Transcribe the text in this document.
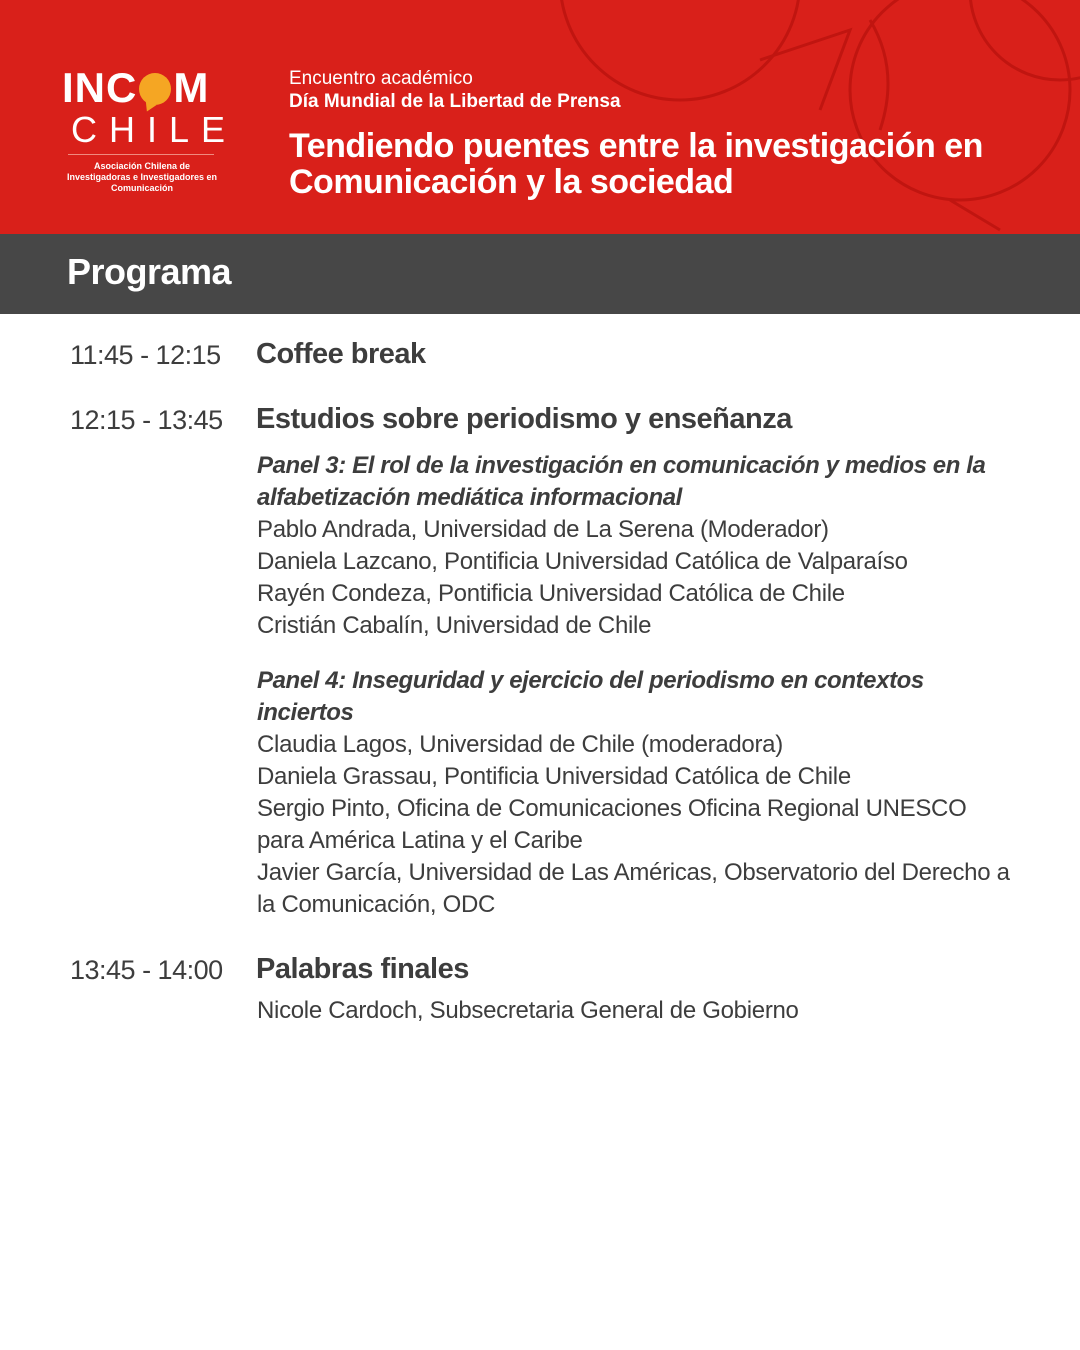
INC M
CHILE
Asociación Chilena de Investigadoras e Investigadores en Comunicación
Encuentro académico
Día Mundial de la Libertad de Prensa
Tendiendo puentes entre la investigación en Comunicación y la sociedad
Programa
11:45 - 12:15 Coffee break
12:15 - 13:45 Estudios sobre periodismo y enseñanza
Panel 3: El rol de la investigación en comunicación y medios en la alfabetización mediática informacional
Pablo Andrada, Universidad de La Serena (Moderador)
Daniela Lazcano, Pontificia Universidad Católica de Valparaíso
Rayén Condeza, Pontificia Universidad Católica de Chile
Cristián Cabalín, Universidad de Chile
Panel 4: Inseguridad y ejercicio del periodismo en contextos inciertos
Claudia Lagos, Universidad de Chile (moderadora)
Daniela Grassau, Pontificia Universidad Católica de Chile
Sergio Pinto, Oficina de Comunicaciones Oficina Regional UNESCO para América Latina y el Caribe
Javier García, Universidad de Las Américas, Observatorio del Derecho a la Comunicación, ODC
13:45 - 14:00 Palabras finales
Nicole Cardoch, Subsecretaria General de Gobierno
